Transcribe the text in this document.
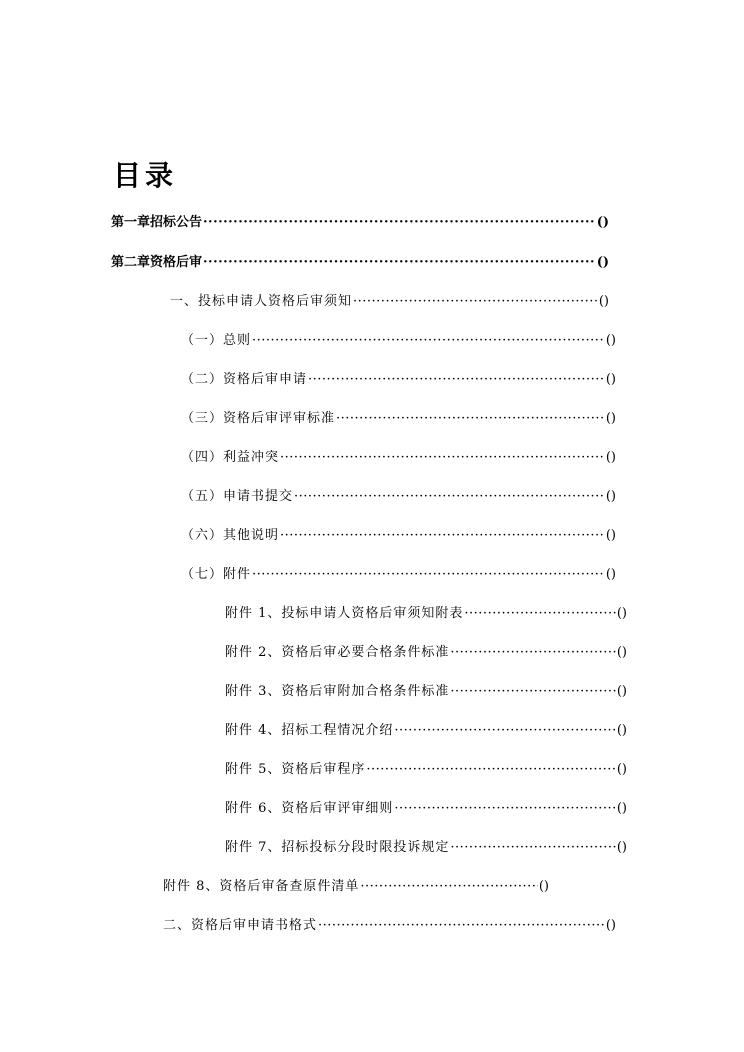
目录
第一章招标公告 ·····	()
第二章资格后审 ·····	()
一、投标申请人资格后审须知 ·····	()
（一）总则 ·····	()
（二）资格后审申请 ·····	()
（三）资格后审评审标准 ·····	()
（四）利益冲突 ·····	()
（五）申请书提交 ·····	()
（六）其他说明 ·····	()
（七）附件 ·····	()
附件 1、投标申请人资格后审须知附表 ·····	()
附件 2、资格后审必要合格条件标准 ·····	()
附件 3、资格后审附加合格条件标准 ·····	()
附件 4、招标工程情况介绍 ·····	()
附件 5、资格后审程序 ·····	()
附件 6、资格后审评审细则 ·····	()
附件 7、招标投标分段时限投诉规定 ·····	()
附件 8、资格后审备查原件清单 ·····	()
二、资格后审申请书格式 ·····	()
